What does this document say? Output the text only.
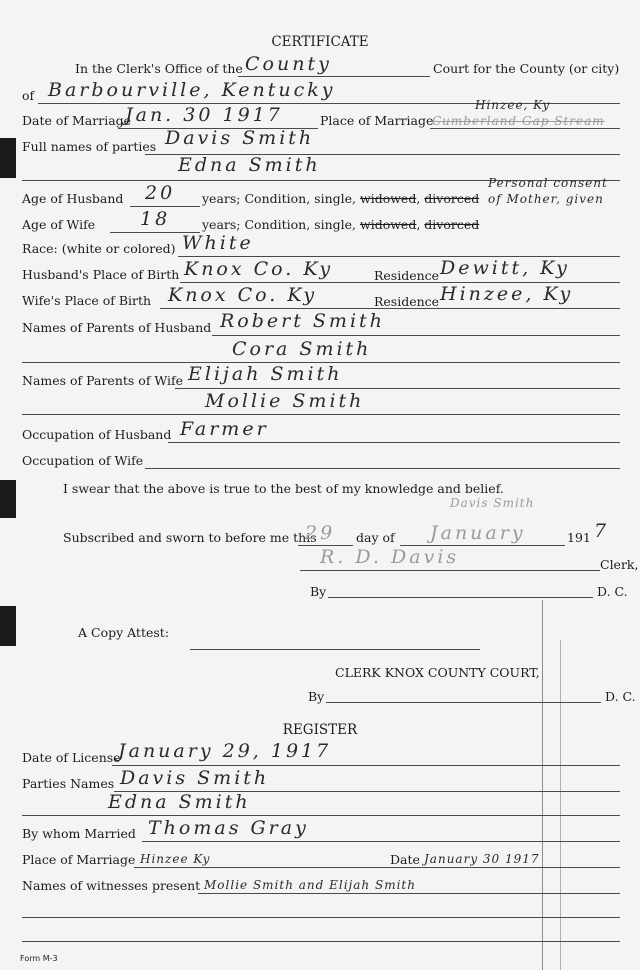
CERTIFICATE
In the Clerk's Office of the County	Court for the County (or city)
of Barbourville, Kentucky
Date of Marriage
Jan. 30 1917	Place of Marriage
Hinzee, Ky
Cumberland Gap Stream
Full names of parties Davis Smith
Edna Smith
Age of Husband 20 years; Condition, single, widowed, divorced
Personal consent
of Mother, given
Age of Wife 18	years; Condition, single, widowed, divorced
Race: (white or colored) White
Husband's Place of Birth Knox Co. Ky	Residence Dewitt, Ky
Wife's Place of Birth Knox Co. Ky	Residence Hinzee, Ky
Names of Parents of Husband Robert Smith
Cora Smith
Names of Parents of Wife Elijah Smith
Mollie Smith
Occupation of Husband Farmer
Occupation of Wife
I swear that the above is true to the best of my knowledge and belief.
Davis Smith
Subscribed and sworn to before me this
29 day of January	191 7
R. D. Davis	Clerk,
By	D. C.
A Copy Attest:
CLERK KNOX COUNTY COURT,
By	D. C.
REGISTER
Date of License
January 29, 1917
Parties Names Davis Smith
Edna Smith
By whom Married Thomas Gray
Place of Marriage Hinzee Ky	Date January 30 1917
Names of witnesses present Mollie Smith and Elijah Smith
Form M-3
